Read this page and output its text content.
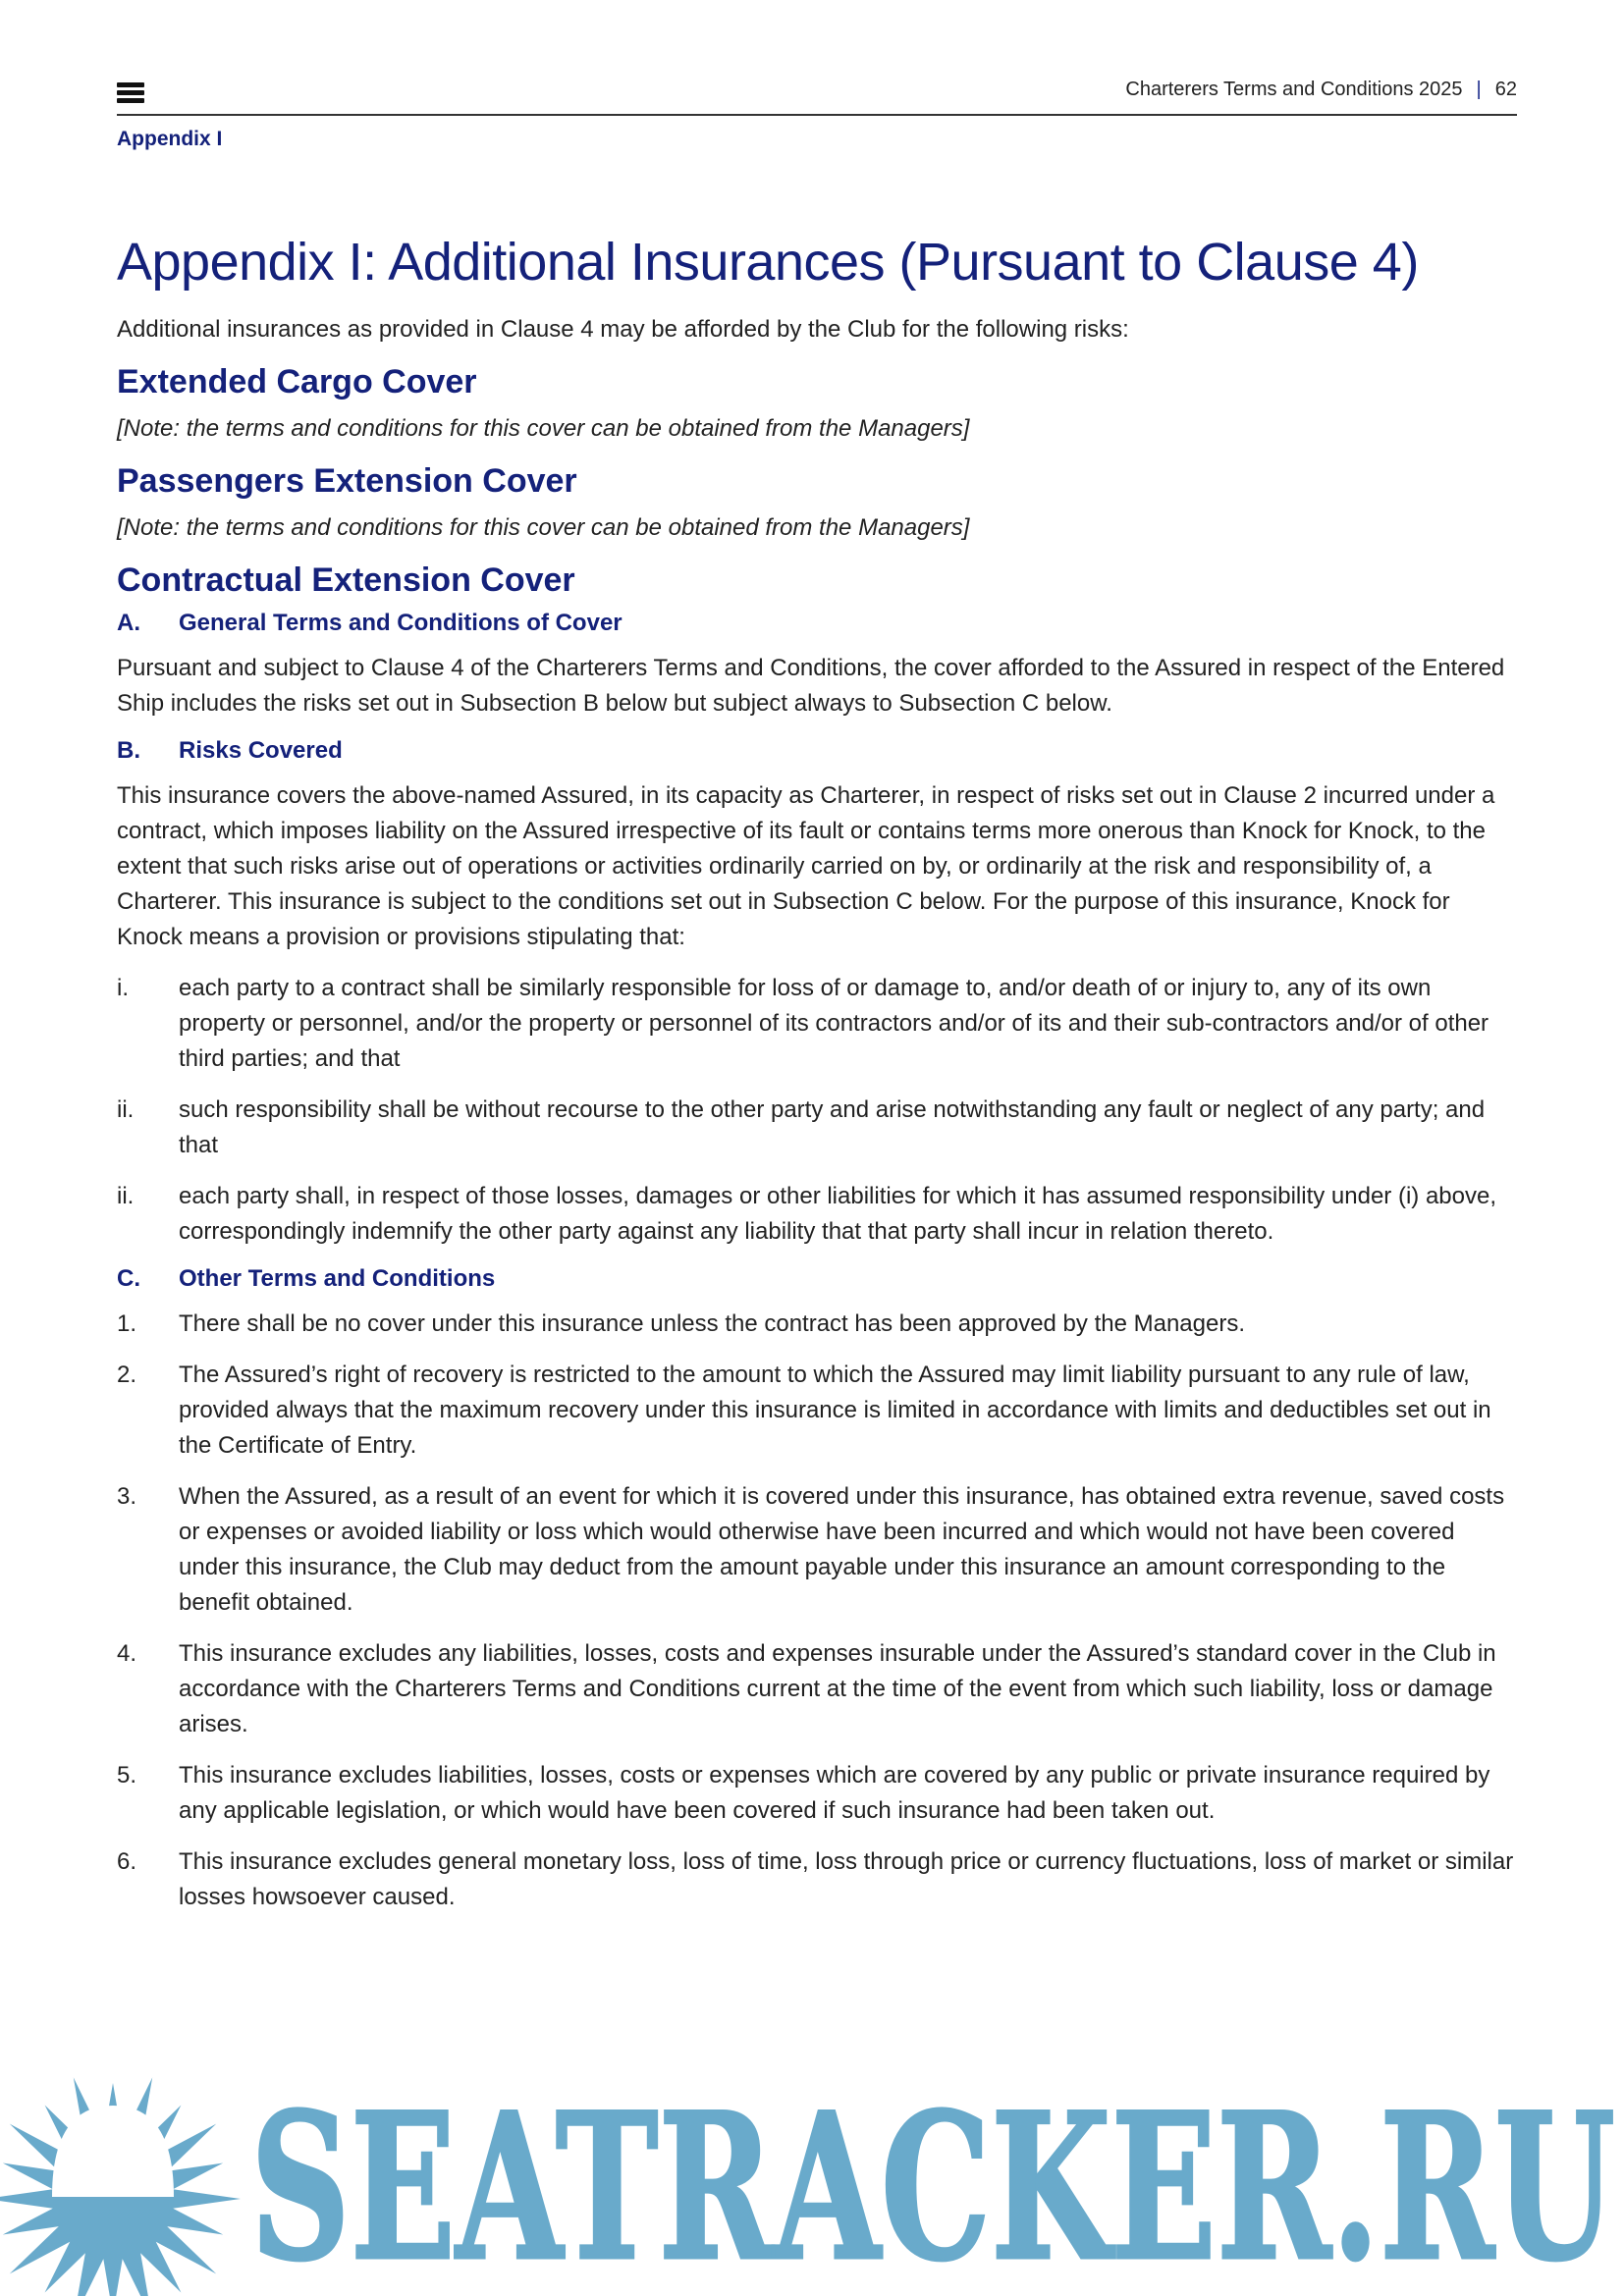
Charterers Terms and Conditions 2025 | 62
Appendix I
Appendix I: Additional Insurances (Pursuant to Clause 4)

Additional insurances as provided in Clause 4 may be afforded by the Club for the following risks:

Extended Cargo Cover

[Note: the terms and conditions for this cover can be obtained from the Managers]

Passengers Extension Cover

[Note: the terms and conditions for this cover can be obtained from the Managers]

Contractual Extension Cover
A.	General Terms and Conditions of Cover

Pursuant and subject to Clause 4 of the Charterers Terms and Conditions, the cover afforded to the Assured in respect of the Entered Ship includes the risks set out in Subsection B below but subject always to Subsection C below.

B.	Risks Covered

This insurance covers the above-named Assured, in its capacity as Charterer, in respect of risks set out in Clause 2 incurred under a contract, which imposes liability on the Assured irrespective of its fault or contains terms more onerous than Knock for Knock, to the extent that such risks arise out of operations or activities ordinarily carried on by, or ordinarily at the risk and responsibility of, a Charterer. This insurance is subject to the conditions set out in Subsection C below. For the purpose of this insurance, Knock for Knock means a provision or provisions stipulating that:

i.	each party to a contract shall be similarly responsible for loss of or damage to, and/or death of or injury to, any of its own property or personnel, and/or the property or personnel of its contractors and/or of its and their sub-contractors and/or of other third parties; and that
ii.	such responsibility shall be without recourse to the other party and arise notwithstanding any fault or neglect of any party; and that
ii.	each party shall, in respect of those losses, damages or other liabilities for which it has assumed responsibility under (i) above, correspondingly indemnify the other party against any liability that that party shall incur in relation thereto.
C.	Other Terms and Conditions
1.	There shall be no cover under this insurance unless the contract has been approved by the Managers.
2.	The Assured’s right of recovery is restricted to the amount to which the Assured may limit liability pursuant to any rule of law, provided always that the maximum recovery under this insurance is limited in accordance with limits and deductibles set out in the Certificate of Entry.
3.	When the Assured, as a result of an event for which it is covered under this insurance, has obtained extra revenue, saved costs or expenses or avoided liability or loss which would otherwise have been incurred and which would not have been covered under this insurance, the Club may deduct from the amount payable under this insurance an amount corresponding to the benefit obtained.
4.	This insurance excludes any liabilities, losses, costs and expenses insurable under the Assured’s standard cover in the Club in accordance with the Charterers Terms and Conditions current at the time of the event from which such liability, loss or damage arises.
5.	This insurance excludes liabilities, losses, costs or expenses which are covered by any public or private insurance required by any applicable legislation, or which would have been covered if such insurance had been taken out.
6.	This insurance excludes general monetary loss, loss of time, loss through price or currency fluctuations, loss of market or similar losses howsoever caused.
SEATRACKER.RU
